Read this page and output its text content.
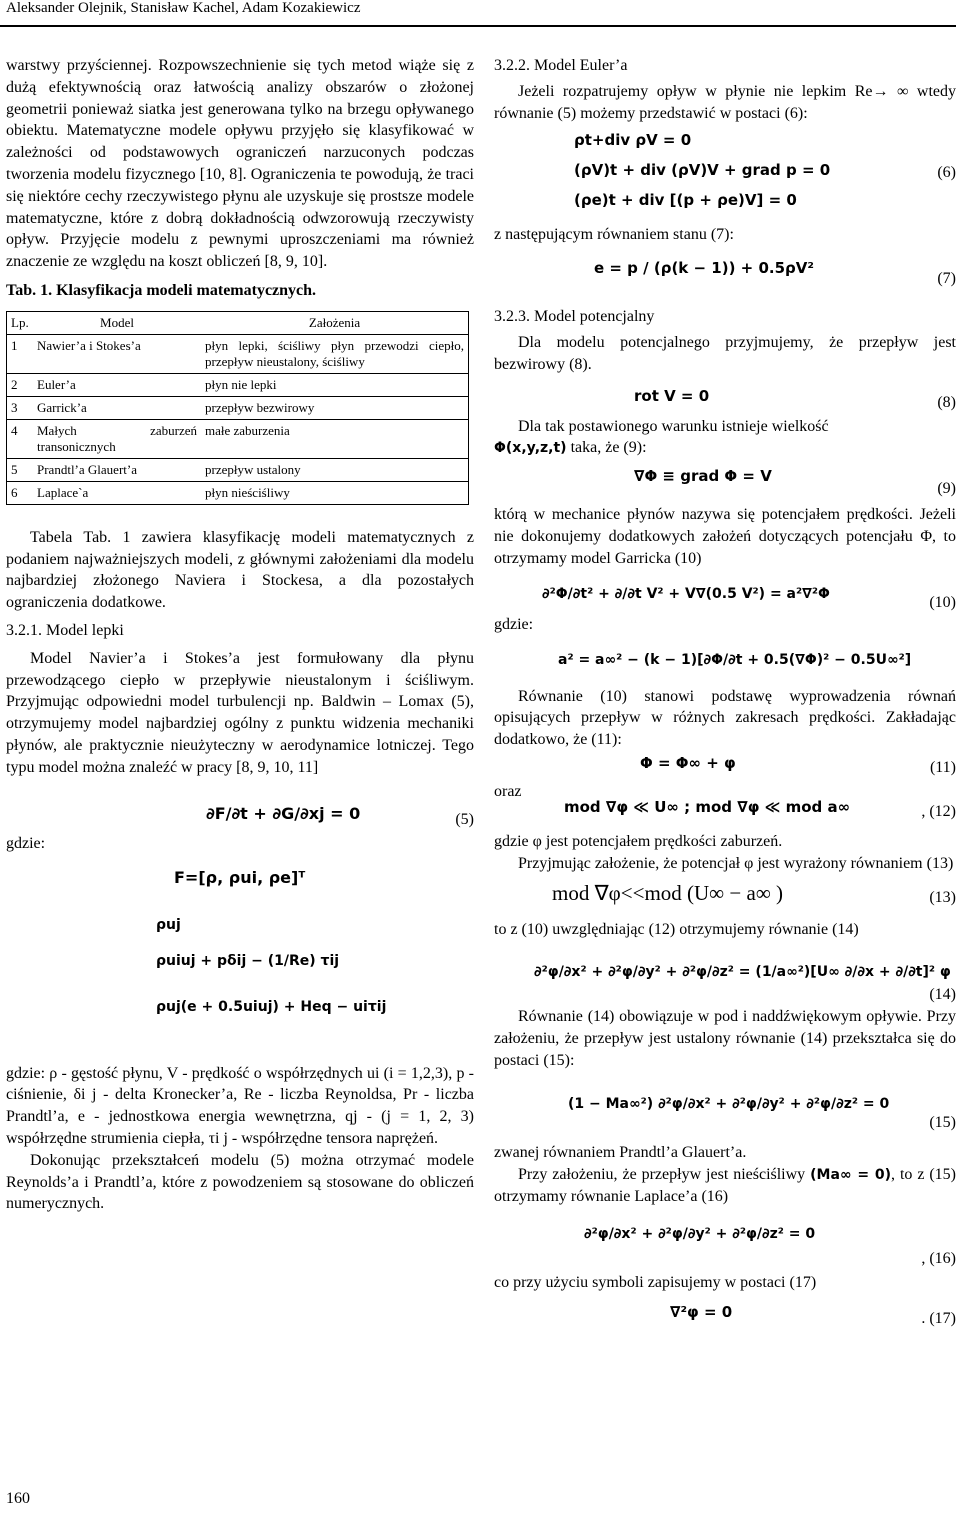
Aleksander Olejnik, Stanisław Kachel, Adam Kozakiewicz

warstwy przyściennej. Rozpowszechnienie się tych metod wiąże się z dużą efektywnością oraz łatwością analizy obszarów o złożonej geometrii ponieważ siatka jest generowana tylko na brzegu opływanego obiektu. Matematyczne modele opływu przyjęło się klasyfikować w zależności od podstawowych ograniczeń narzuconych podczas tworzenia modelu fizycznego [10, 8]. Ograniczenia te powodują, że traci się niektóre cechy rzeczywistego płynu ale uzyskuje się prostsze modele matematyczne, które z dobrą dokładnością odwzorowują rzeczywisty opływ. Przyjęcie modelu z pewnymi uproszczeniami ma również znaczenie ze względu na koszt obliczeń [8, 9, 10].

Tab. 1. Klasyfikacja modeli matematycznych.

Lp.	Model	Założenia
1	Nawier’a i Stokes’a	płyn lepki, ściśliwy płyn przewodzi ciepło, przepływ nieustalony, ściśliwy
2	Euler’a	płyn nie lepki
3	Garrick’a	przepływ bezwirowy
4	Małych zaburzeń transonicznych	małe zaburzenia
5	Prandtl’a Glauert’a	przepływ ustalony
6	Laplace`a	płyn nieściśliwy

Tabela Tab. 1 zawiera klasyfikację modeli matematycznych z podaniem najważniejszych modeli, z głównymi założeniami dla modelu najbardziej złożonego Naviera i Stockesa, a dla pozostałych ograniczenia dodatkowe.

3.2.1. Model lepki

Model Navier’a i Stokes’a jest formułowany dla płynu przewodzącego ciepło w przepływie nieustalonym i ściśliwym. Przyjmując odpowiedni model turbulencji np. Baldwin – Lomax (5), otrzymujemy model najbardziej ogólny z punktu widzenia mechaniki płynów, ale praktycznie nieużyteczny w aerodynamice lotniczej. Tego typu model można znaleźć w pracy [8, 9, 10, 11]

∂F/∂t + ∂G/∂xj = 0	(5)
gdzie:
F=[ρ, ρui, ρe]ᵀ
ρuj
ρuiuj + pδij − (1/Re) τij
ρuj(e + 0.5uiuj) + Heq − uiτij

gdzie: ρ - gęstość płynu, V - prędkość o współrzędnych ui (i = 1,2,3), p - ciśnienie, δi j - delta Kronecker’a, Re - liczba Reynoldsa, Pr - liczba Prandtl’a, e - jednostkowa energia wewnętrzna, qj - (j = 1, 2, 3) współrzędne strumienia ciepła, τi j - współrzędne tensora naprężeń.

Dokonując przekształceń modelu (5) można otrzymać modele Reynolds’a i Prandtl’a, które z powodzeniem są stosowane do obliczeń numerycznych.

3.2.2. Model Euler’a

Jeżeli rozpatrujemy opływ w płynie nie lepkim Re→ ∞ wtedy równanie (5) możemy przedstawić w postaci (6):

ρt+div ρV = 0
(ρV)t + div (ρV)V + grad p = 0
(ρe)t + div [(p + ρe)V] = 0
(6)

z następującym równaniem stanu (7):

e = p / (ρ(k − 1)) + 0.5ρV²
(7)

3.2.3. Model potencjalny

Dla modelu potencjalnego przyjmujemy, że przepływ jest bezwirowy (8).

rot V = 0	(8)

Dla tak postawionego warunku istnieje wielkość

Φ(x,y,z,t) taka, że (9):

∇Φ ≡ grad Φ = V
(9)

którą w mechanice płynów nazywa się potencjałem prędkości. Jeżeli nie dokonujemy dodatkowych założeń dotyczących potencjału Φ, to otrzymamy model Garricka (10)

∂²Φ/∂t² + ∂/∂t V² + V∇(0.5 V²) = a²∇²Φ	(10)
gdzie:
a² = a∞² − (k − 1)[∂Φ/∂t + 0.5(∇Φ)² − 0.5U∞²]

Równanie (10) stanowi podstawę wyprowadzenia równań opisujących przepływ w różnych zakresach prędkości. Zakładając dodatkowo, że (11):

Φ = Φ∞ + φ	(11)
oraz
mod ∇φ ≪ U∞ ; mod ∇φ ≪ mod a∞	, (12)

gdzie φ jest potencjałem prędkości zaburzeń.

Przyjmując założenie, że potencjał φ jest wyrażony równaniem (13)

mod ∇φ<<mod (U∞ − a∞ )	(13)

to z (10) uwzględniając (12) otrzymujemy równanie (14)

∂²φ/∂x² + ∂²φ/∂y² + ∂²φ/∂z² = (1/a∞²)[U∞ ∂/∂x + ∂/∂t]² φ
(14)

Równanie (14) obowiązuje w pod i naddźwiękowym opływie. Przy założeniu, że przepływ jest ustalony równanie (14) przekształca się do postaci (15):

(1 − Ma∞²) ∂²φ/∂x² + ∂²φ/∂y² + ∂²φ/∂z² = 0
(15)

zwanej równaniem Prandtl’a Glauert’a.

Przy założeniu, że przepływ jest nieściśliwy (Ma∞ = 0), to z (15) otrzymamy równanie Laplace’a (16)

∂²φ/∂x² + ∂²φ/∂y² + ∂²φ/∂z² = 0
, (16)

co przy użyciu symboli zapisujemy w postaci (17)

∇²φ = 0	. (17)
160
